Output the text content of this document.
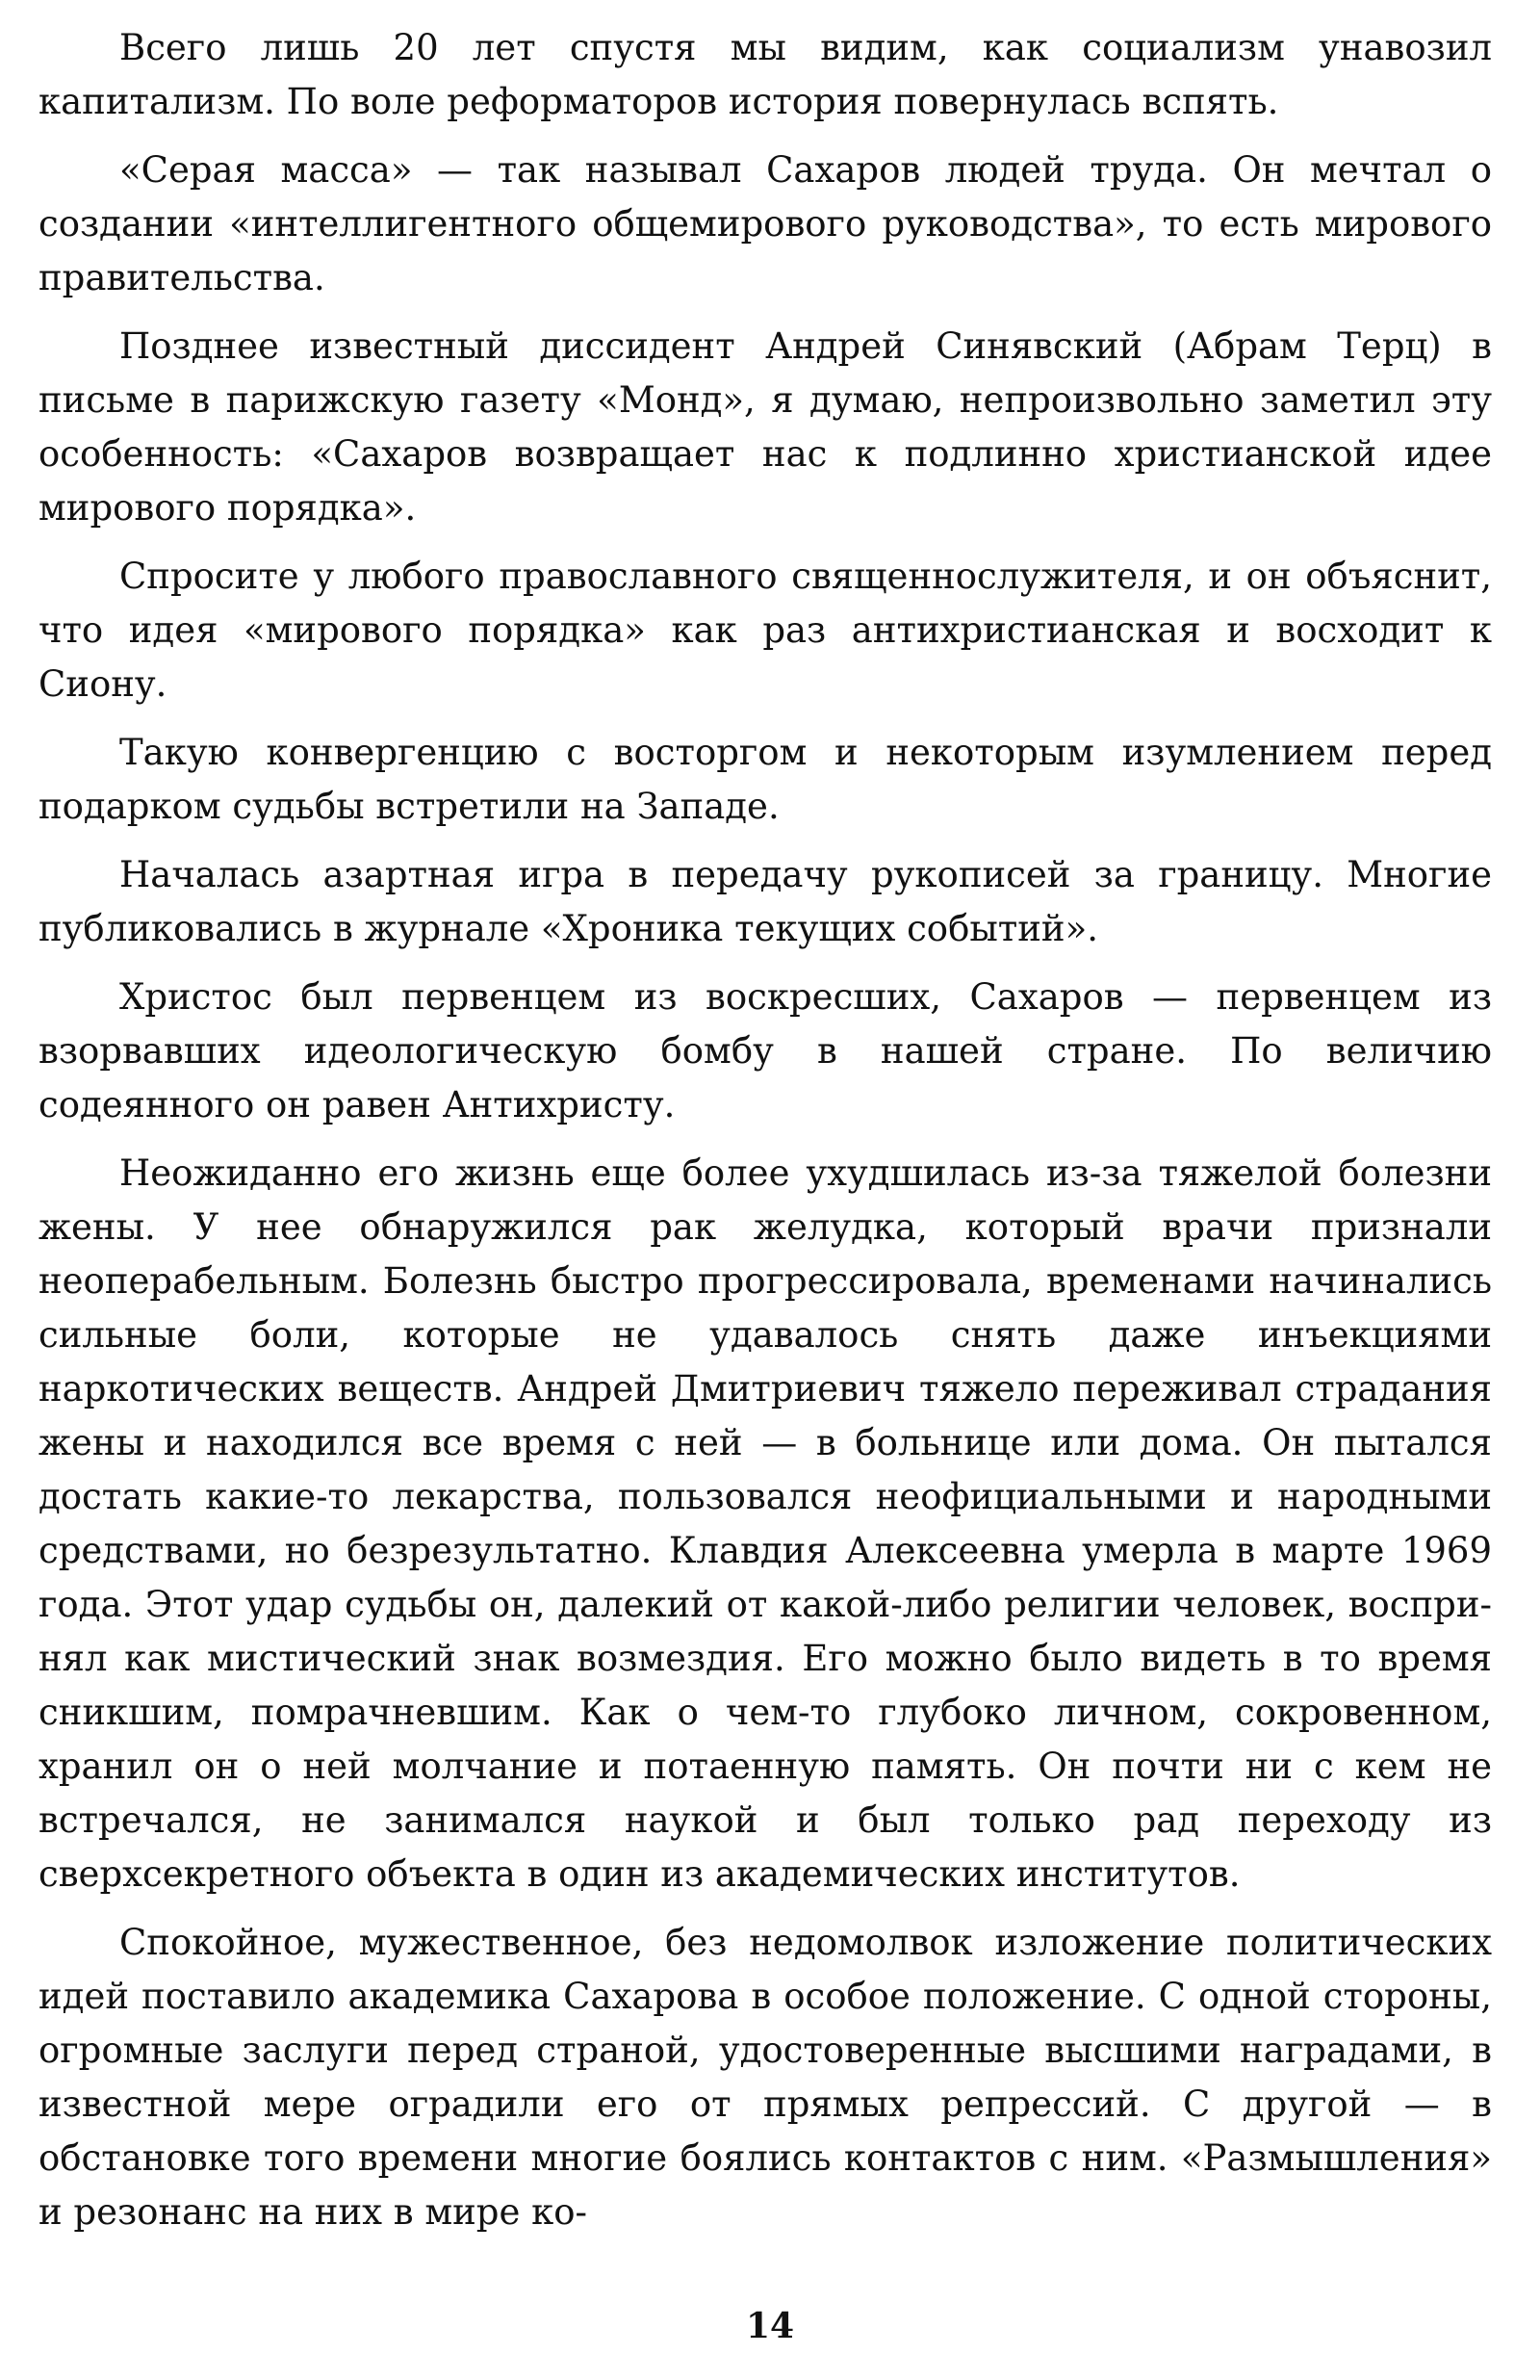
Всего лишь 20 лет спустя мы видим, как социализм унавозил капитализм. По воле реформаторов история повернулась вспять.

«Серая масса» — так называл Сахаров людей труда. Он мечтал о создании «интеллигентного общемирового руководства», то есть мирового правительства.

Позднее известный диссидент Андрей Синявский (Абрам Терц) в письме в парижскую газету «Монд», я думаю, непроизвольно заметил эту особенность: «Сахаров возвращает нас к подлинно христианской идее мирового порядка».

Спросите у любого православного священнослужителя, и он объяснит, что идея «мирового порядка» как раз антихристианская и восходит к Сиону.

Такую конвергенцию с восторгом и некоторым изумлением перед подарком судьбы встретили на Западе.

Началась азартная игра в передачу рукописей за границу. Многие публиковались в журнале «Хроника текущих событий».

Христос был первенцем из воскресших, Сахаров — первенцем из взорвавших идеологическую бомбу в нашей стране. По величию содеянного он равен Антихристу.

Неожиданно его жизнь еще более ухудшилась из-за тяжелой болезни жены. У нее обнаружился рак желудка, который врачи признали неоперабельным. Болезнь быстро прогрессировала, временами начинались сильные боли, которые не удавалось снять даже инъекциями наркотических веществ. Андрей Дмитриевич тяжело переживал страдания жены и находился все время с ней — в больнице или дома. Он пытался достать какие-то лекарства, пользовался неофициальными и народными средствами, но безрезультатно. Клавдия Алексеевна умерла в марте 1969 года. Этот удар судьбы он, далекий от какой-либо религии человек, воспринял как мистический знак возмездия. Его можно было видеть в то время сникшим, помрачневшим. Как о чем-то глубоко личном, сокровенном, хранил он о ней молчание и потаенную память. Он почти ни с кем не встречался, не занимался наукой и был только рад переходу из сверхсекретного объекта в один из академических институтов.

Спокойное, мужественное, без недомолвок изложение политических идей поставило академика Сахарова в особое положение. С одной стороны, огромные заслуги перед страной, удостоверенные высшими наградами, в известной мере оградили его от прямых репрессий. С другой — в обстановке того времени многие боялись контактов с ним. «Размышления» и резонанс на них в мире ко-

14
